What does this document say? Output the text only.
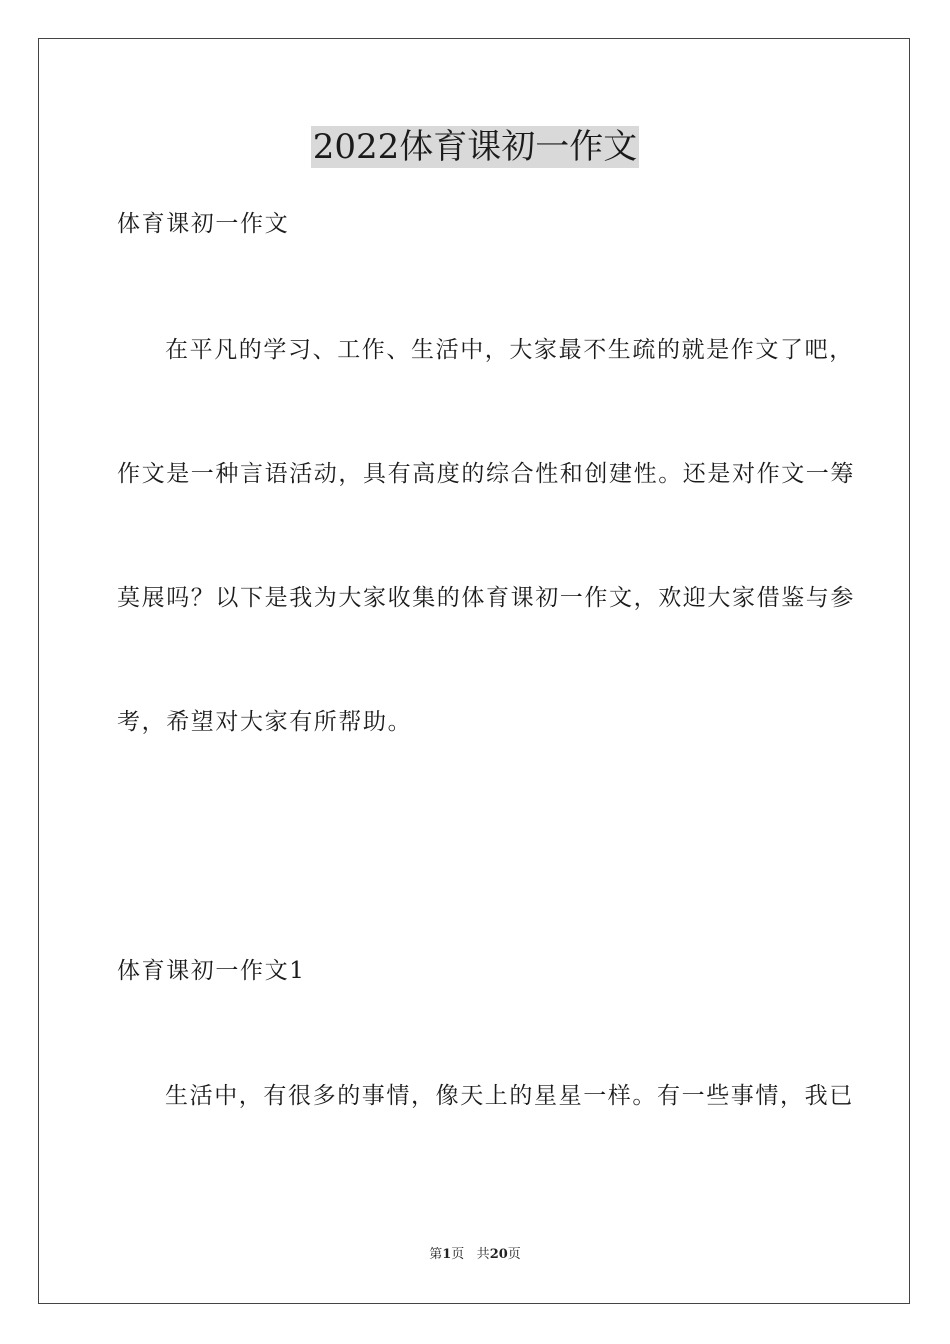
2022体育课初一作文
体育课初一作文
在平凡的学习、工作、生活中，大家最不生疏的就是作文了吧，
作文是一种言语活动，具有高度的综合性和创建性。还是对作文一筹
莫展吗？以下是我为大家收集的体育课初一作文，欢迎大家借鉴与参
考，希望对大家有所帮助。
体育课初一作文1
生活中，有很多的事情，像天上的星星一样。有一些事情，我已
第1页 共20页
